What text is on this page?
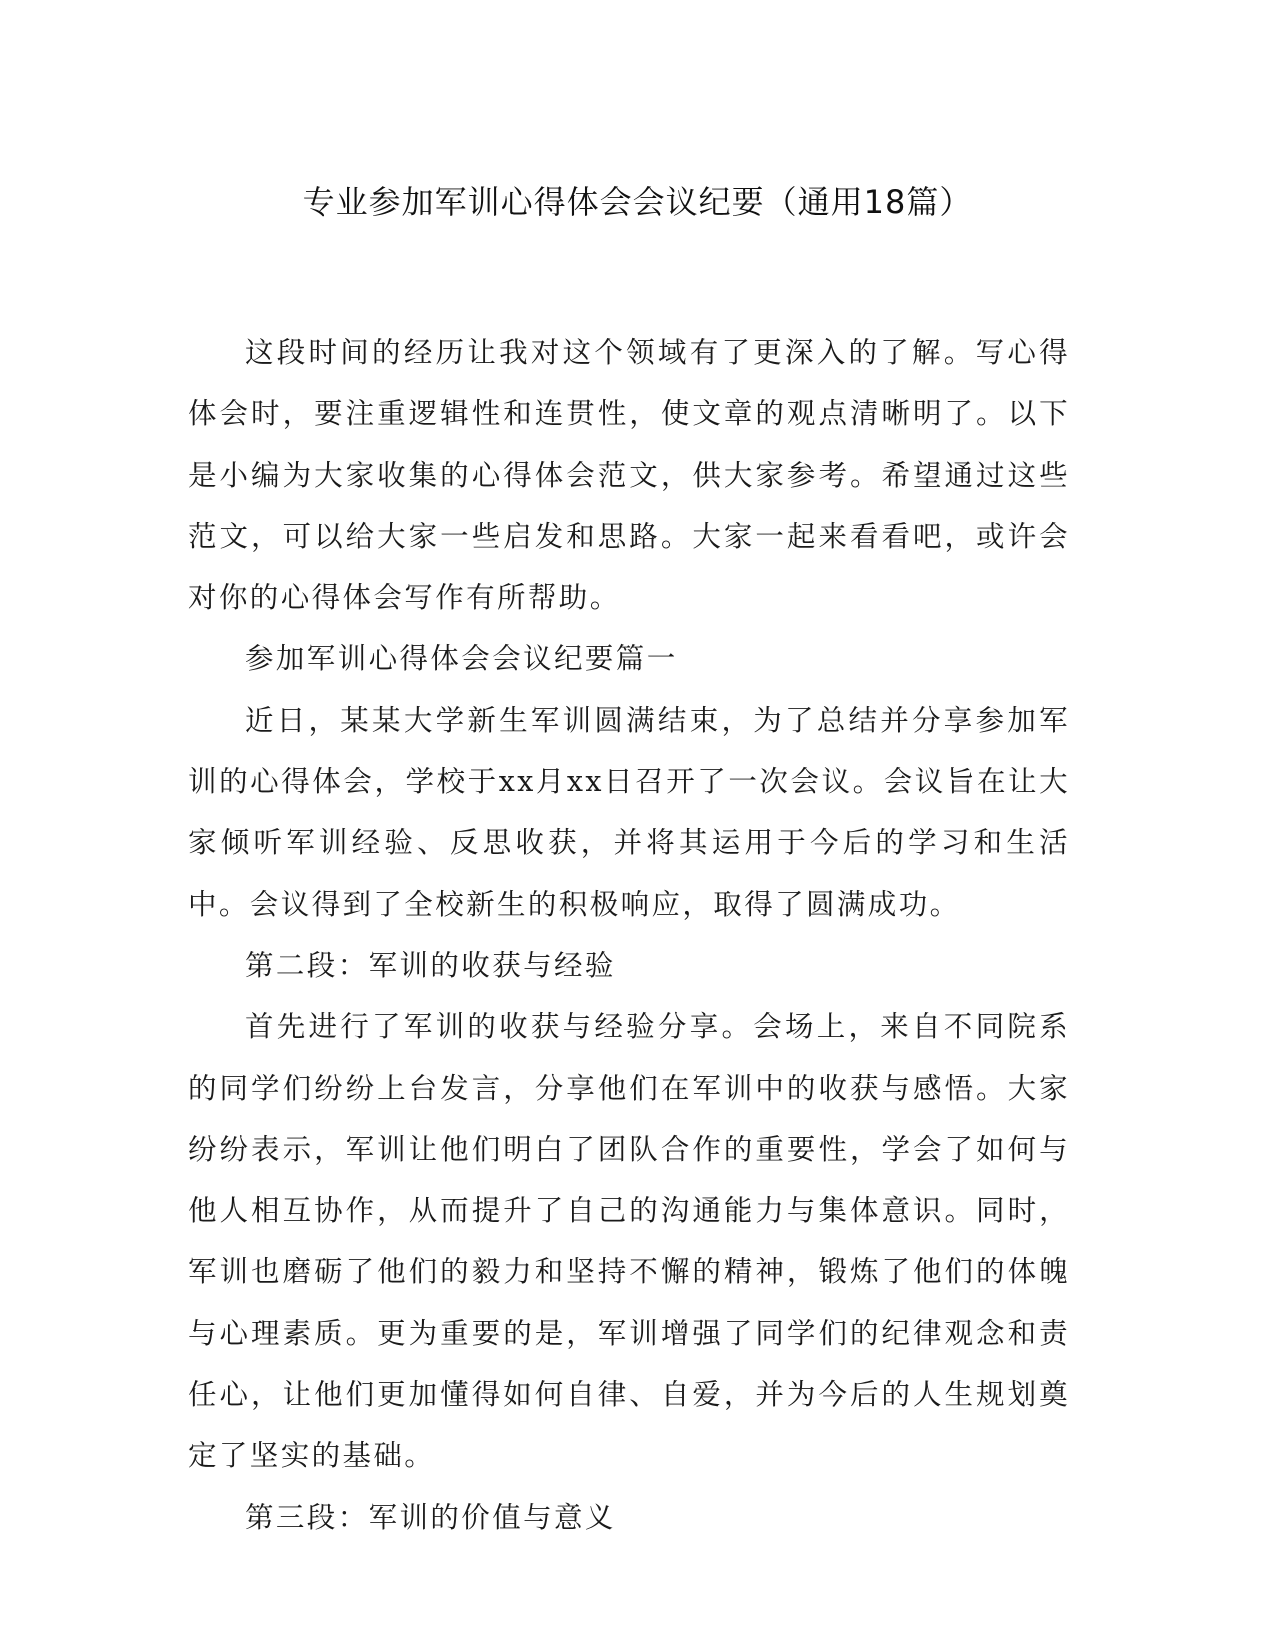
专业参加军训心得体会会议纪要（通用18篇）

这段时间的经历让我对这个领域有了更深入的了解。写心得体会时，要注重逻辑性和连贯性，使文章的观点清晰明了。以下是小编为大家收集的心得体会范文，供大家参考。希望通过这些范文，可以给大家一些启发和思路。大家一起来看看吧，或许会对你的心得体会写作有所帮助。

参加军训心得体会会议纪要篇一

近日，某某大学新生军训圆满结束，为了总结并分享参加军训的心得体会，学校于xx月xx日召开了一次会议。会议旨在让大家倾听军训经验、反思收获，并将其运用于今后的学习和生活中。会议得到了全校新生的积极响应，取得了圆满成功。

第二段：军训的收获与经验

首先进行了军训的收获与经验分享。会场上，来自不同院系的同学们纷纷上台发言，分享他们在军训中的收获与感悟。大家纷纷表示，军训让他们明白了团队合作的重要性，学会了如何与他人相互协作，从而提升了自己的沟通能力与集体意识。同时，军训也磨砺了他们的毅力和坚持不懈的精神，锻炼了他们的体魄与心理素质。更为重要的是，军训增强了同学们的纪律观念和责任心，让他们更加懂得如何自律、自爱，并为今后的人生规划奠定了坚实的基础。

第三段：军训的价值与意义
